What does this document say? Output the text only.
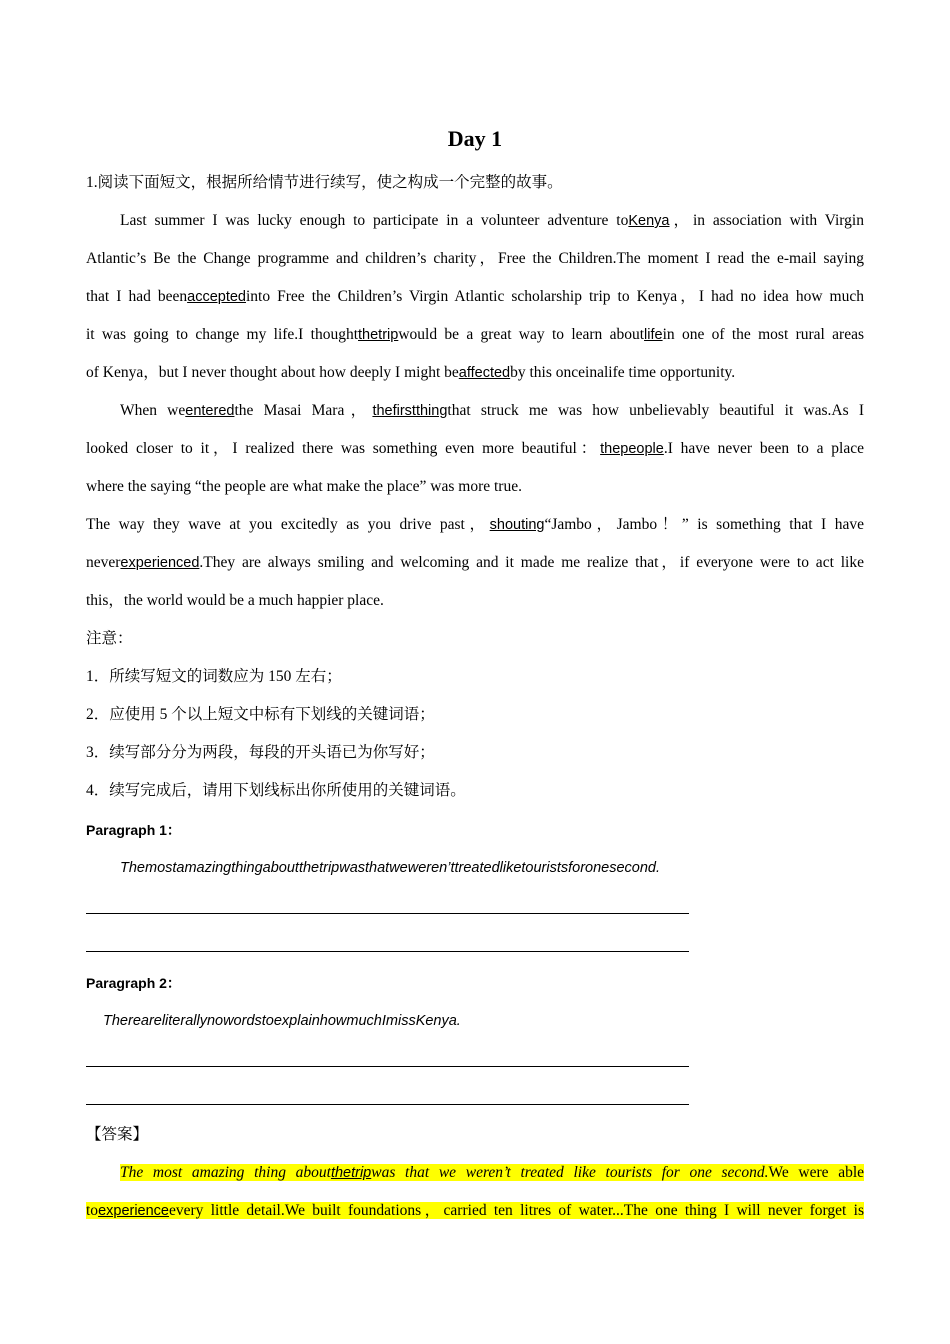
Day 1

1.阅读下面短文，根据所给情节进行续写，使之构成一个完整的故事。

Last summer I was lucky enough to participate in a volunteer adventure toKenya，in association with Virgin

Atlantic’s Be the Change programme and children’s charity，Free the Children.The moment I read the e-mail saying

that I had beenacceptedinto Free the Children’s Virgin Atlantic scholarship trip to Kenya，I had no idea how much

it was going to change my life.I thoughtthetripwould be a great way to learn aboutlifein one of the most rural areas

of Kenya，but I never thought about how deeply I might beaffectedby this onceinalife time opportunity.

When weenteredthe Masai Mara，thefirstthingthat struck me was how unbelievably beautiful it was.As I

looked closer to it，I realized there was something even more beautiful：thepeople.I have never been to a place

where the saying “the people are what make the place” was more true.

The way they wave at you excitedly as you drive past，shouting“Jambo，Jambo！” is something that I have

neverexperienced.They are always smiling and welcoming and it made me realize that，if everyone were to act like

this，the world would be a much happier place.

注意：

1．所续写短文的词数应为 150 左右；

2．应使用 5 个以上短文中标有下划线的关键词语；

3．续写部分分为两段，每段的开头语已为你写好；

4．续写完成后，请用下划线标出你所使用的关键词语。

Paragraph 1：

Themostamazingthingaboutthetripwasthatweweren’ttreatedliketouristsforonesecond.

Paragraph 2：

ThereareliterallynowordstoexplainhowmuchImissKenya.

【答案】

The most amazing thing aboutthetripwas that we weren’t treated like tourists for one second.We were able

toexperienceevery little detail.We built foundations，carried ten litres of water...The one thing I will never forget is
